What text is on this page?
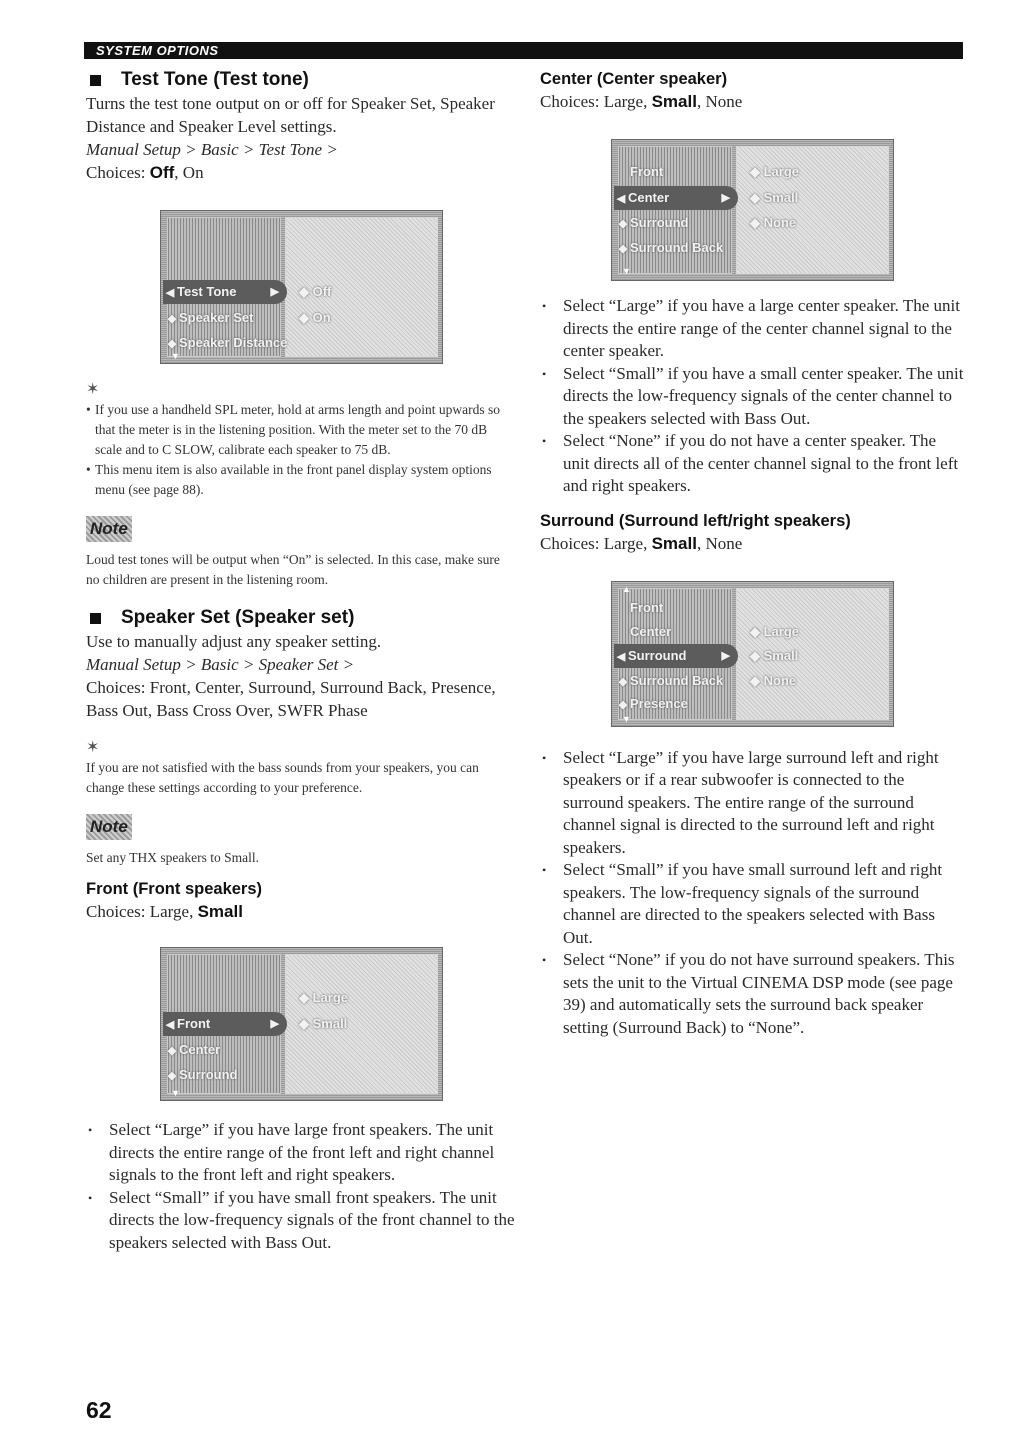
SYSTEM OPTIONS
Test Tone (Test tone)
Turns the test tone output on or off for Speaker Set, Speaker Distance and Speaker Level settings.
Manual Setup > Basic > Test Tone >
Choices: Off, On
◀ Test Tone	▶
◆ Speaker Set
◆ Speaker Distance
◆ Off
◆ On
▼
✶
• If you use a handheld SPL meter, hold at arms length and point upwards so that the meter is in the listening position. With the meter set to the 70 dB scale and to C SLOW, calibrate each speaker to 75 dB.
• This menu item is also available in the front panel display system options menu (see page 88).
Note
Loud test tones will be output when “On” is selected. In this case, make sure no children are present in the listening room.
Speaker Set (Speaker set)
Use to manually adjust any speaker setting.
Manual Setup > Basic > Speaker Set >
Choices: Front, Center, Surround, Surround Back, Presence, Bass Out, Bass Cross Over, SWFR Phase
✶
If you are not satisfied with the bass sounds from your speakers, you can change these settings according to your preference.
Note
Set any THX speakers to Small.
Front (Front speakers)
Choices: Large, Small
◀ Front	▶
◆ Center
◆ Surround
◆ Large
◆ Small
▼
• Select “Large” if you have large front speakers. The unit directs the entire range of the front left and right channel signals to the front left and right speakers.
• Select “Small” if you have small front speakers. The unit directs the low-frequency signals of the front channel to the speakers selected with Bass Out.
Center (Center speaker)
Choices: Large, Small, None
Front
◀ Center	▶
◆ Surround
◆ Surround Back
◆ Large
◆ Small
◆ None
▼
• Select “Large” if you have a large center speaker. The unit directs the entire range of the center channel signal to the center speaker.
• Select “Small” if you have a small center speaker. The unit directs the low-frequency signals of the center channel to the speakers selected with Bass Out.
• Select “None” if you do not have a center speaker. The unit directs all of the center channel signal to the front left and right speakers.
Surround (Surround left/right speakers)
Choices: Large, Small, None
▲
Front
Center
◀ Surround	▶
◆ Surround Back
◆ Presence
◆ Large
◆ Small
◆ None
▼
• Select “Large” if you have large surround left and right speakers or if a rear subwoofer is connected to the surround speakers. The entire range of the surround channel signal is directed to the surround left and right speakers.
• Select “Small” if you have small surround left and right speakers. The low-frequency signals of the surround channel are directed to the speakers selected with Bass Out.
• Select “None” if you do not have surround speakers. This sets the unit to the Virtual CINEMA DSP mode (see page 39) and automatically sets the surround back speaker setting (Surround Back) to “None”.
62
